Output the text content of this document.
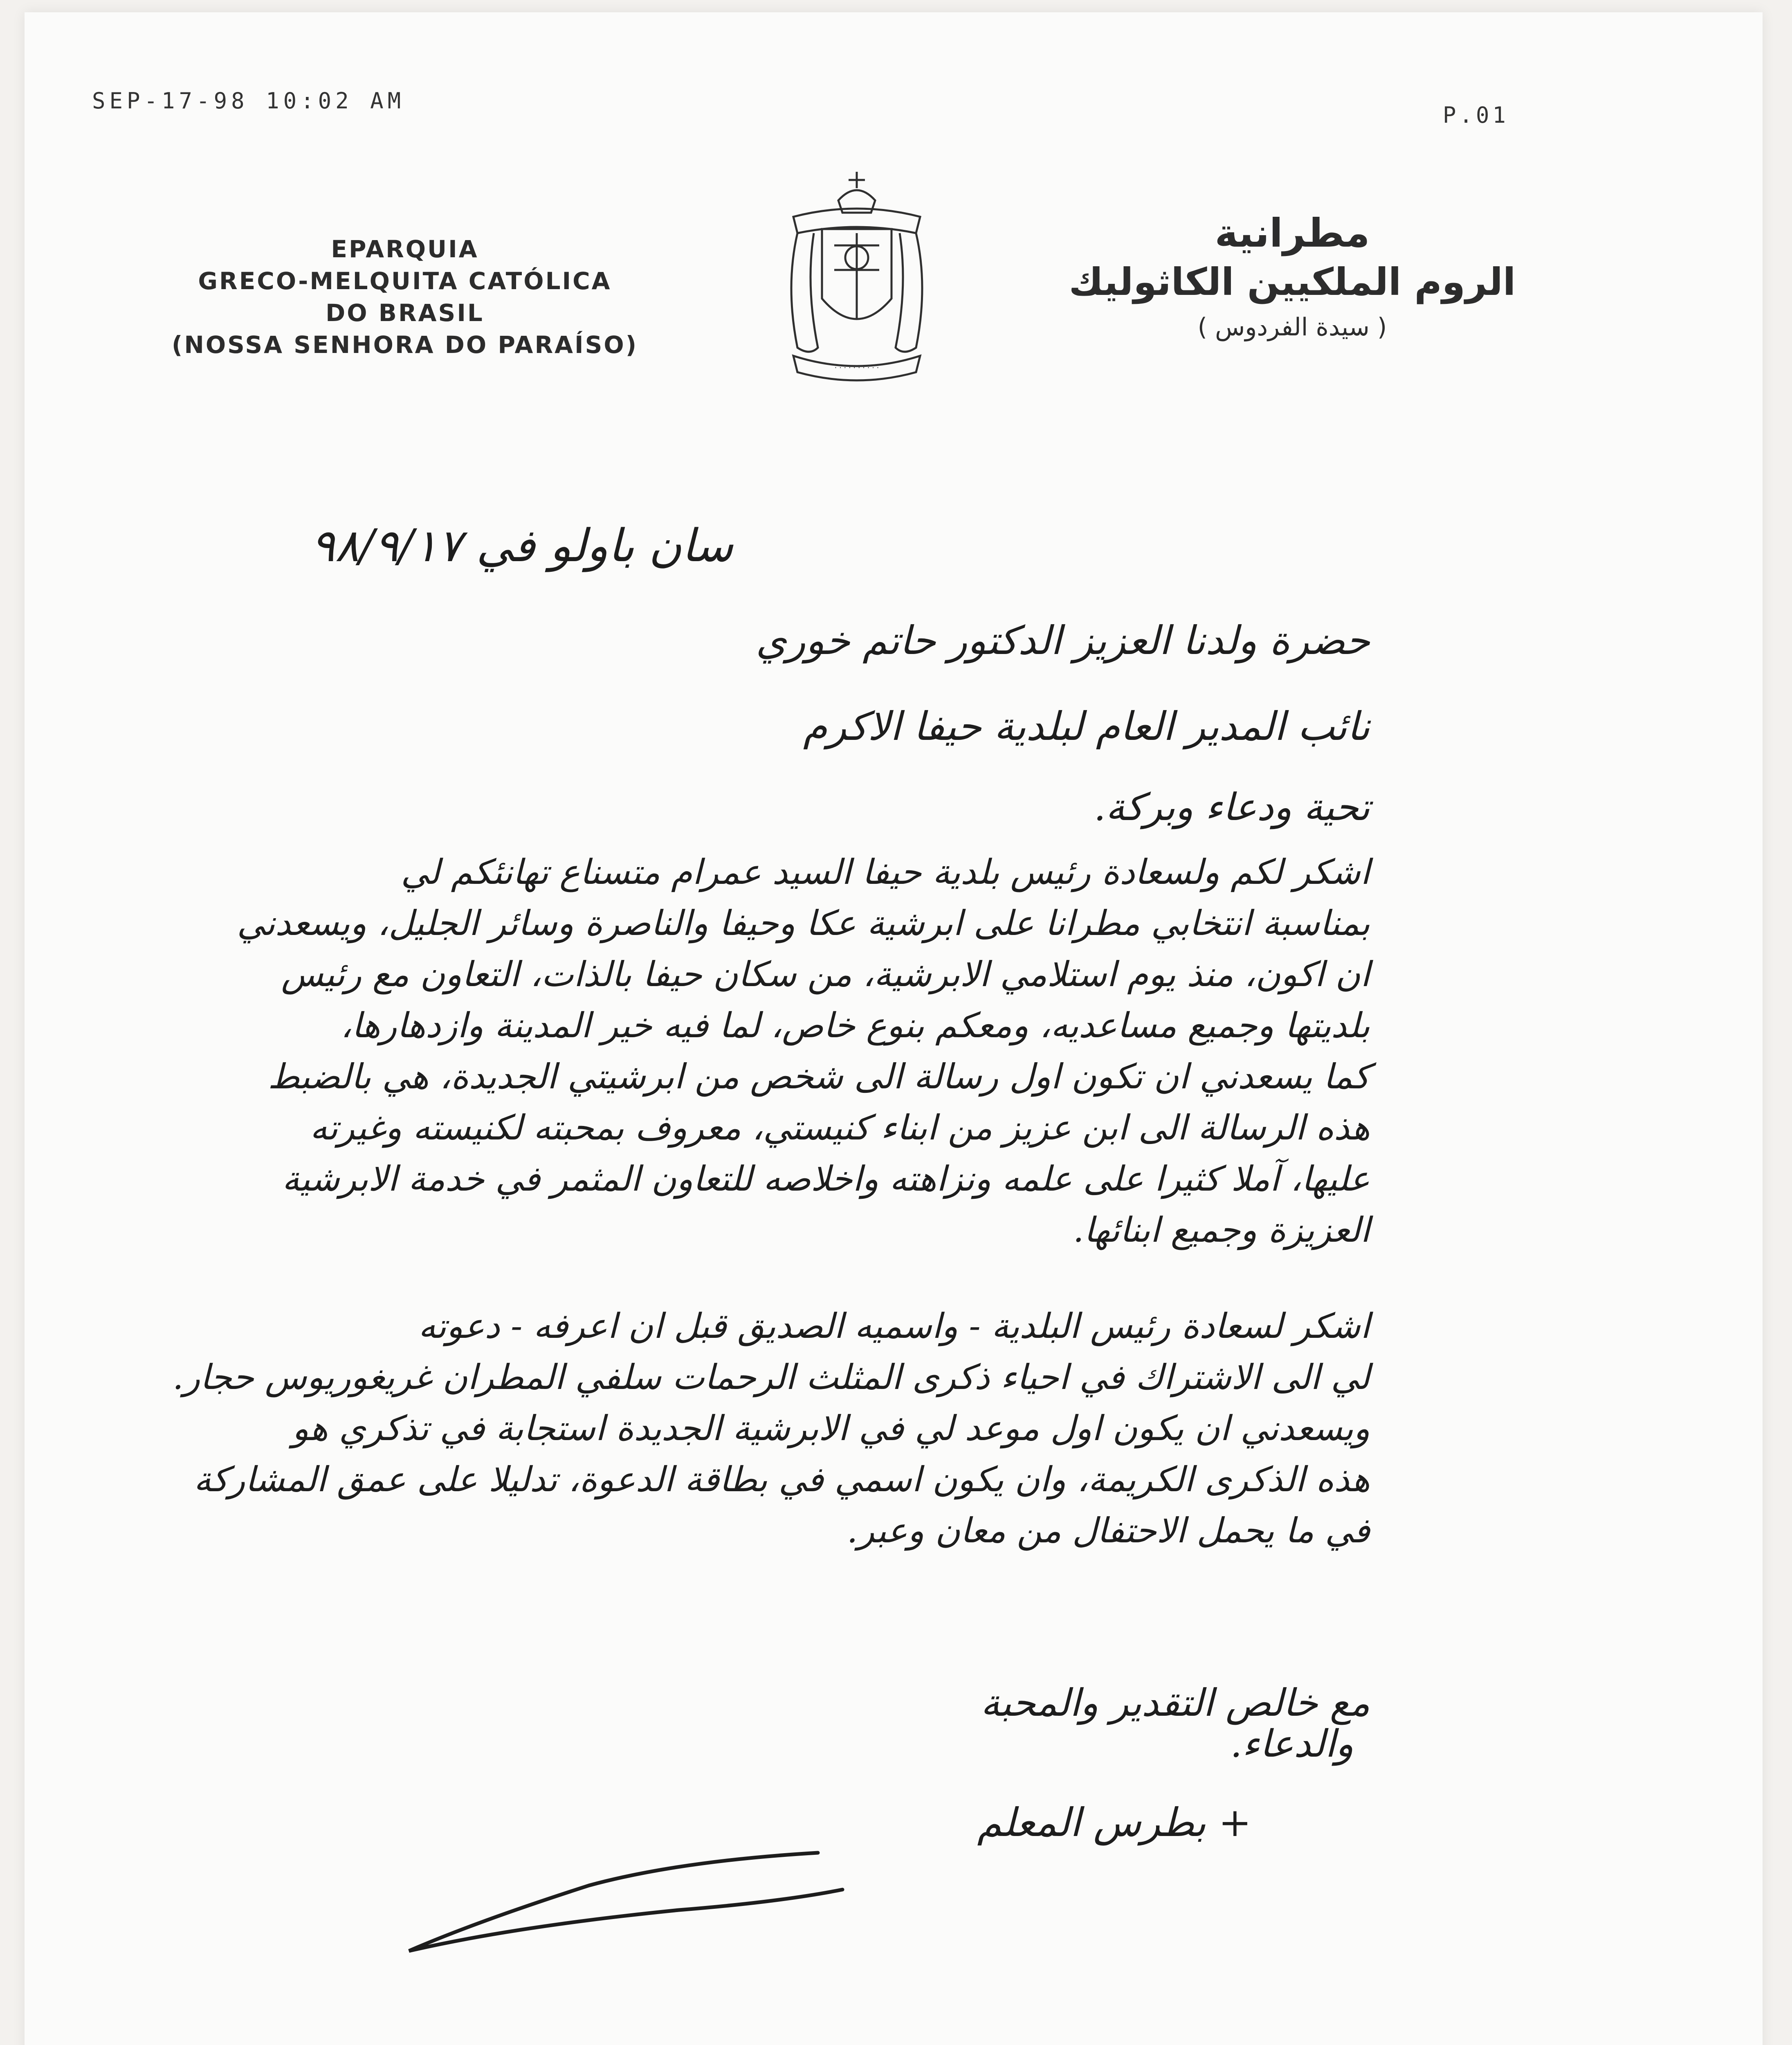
SEP-17-98 10:02 AM
P.01
EPARQUIA
GRECO-MELQUITA CATÓLICA
DO BRASIL
(NOSSA SENHORA DO PARAÍSO)
· · · · · · · · · ·
مطرانية
الروم الملكيين الكاثوليك
( سيدة الفردوس )
سان باولو في ٩٨/٩/١٧
حضرة ولدنا العزيز الدكتور حاتم خوري
نائب المدير العام لبلدية حيفا الاكرم
تحية ودعاء وبركة.

اشكر لكم ولسعادة رئيس بلدية حيفا السيد عمرام متسناع تهانئكم لي

بمناسبة انتخابي مطرانا على ابرشية عكا وحيفا والناصرة وسائر الجليل، ويسعدني

ان اكون، منذ يوم استلامي الابرشية، من سكان حيفا بالذات، التعاون مع رئيس

بلديتها وجميع مساعديه، ومعكم بنوع خاص، لما فيه خير المدينة وازدهارها،

كما يسعدني ان تكون اول رسالة الى شخص من ابرشيتي الجديدة، هي بالضبط

هذه الرسالة الى ابن عزيز من ابناء كنيستي، معروف بمحبته لكنيسته وغيرته

عليها، آملا كثيرا على علمه ونزاهته واخلاصه للتعاون المثمر في خدمة الابرشية

العزيزة وجميع ابنائها.

اشكر لسعادة رئيس البلدية - واسميه الصديق قبل ان اعرفه - دعوته

لي الى الاشتراك في احياء ذكرى المثلث الرحمات سلفي المطران غريغوريوس حجار.

ويسعدني ان يكون اول موعد لي في الابرشية الجديدة استجابة في تذكري هو

هذه الذكرى الكريمة، وان يكون اسمي في بطاقة الدعوة، تدليلا على عمق المشاركة

في ما يحمل الاحتفال من معان وعبر.

مع خالص التقدير والمحبة
والدعاء.
+ بطرس المعلم
